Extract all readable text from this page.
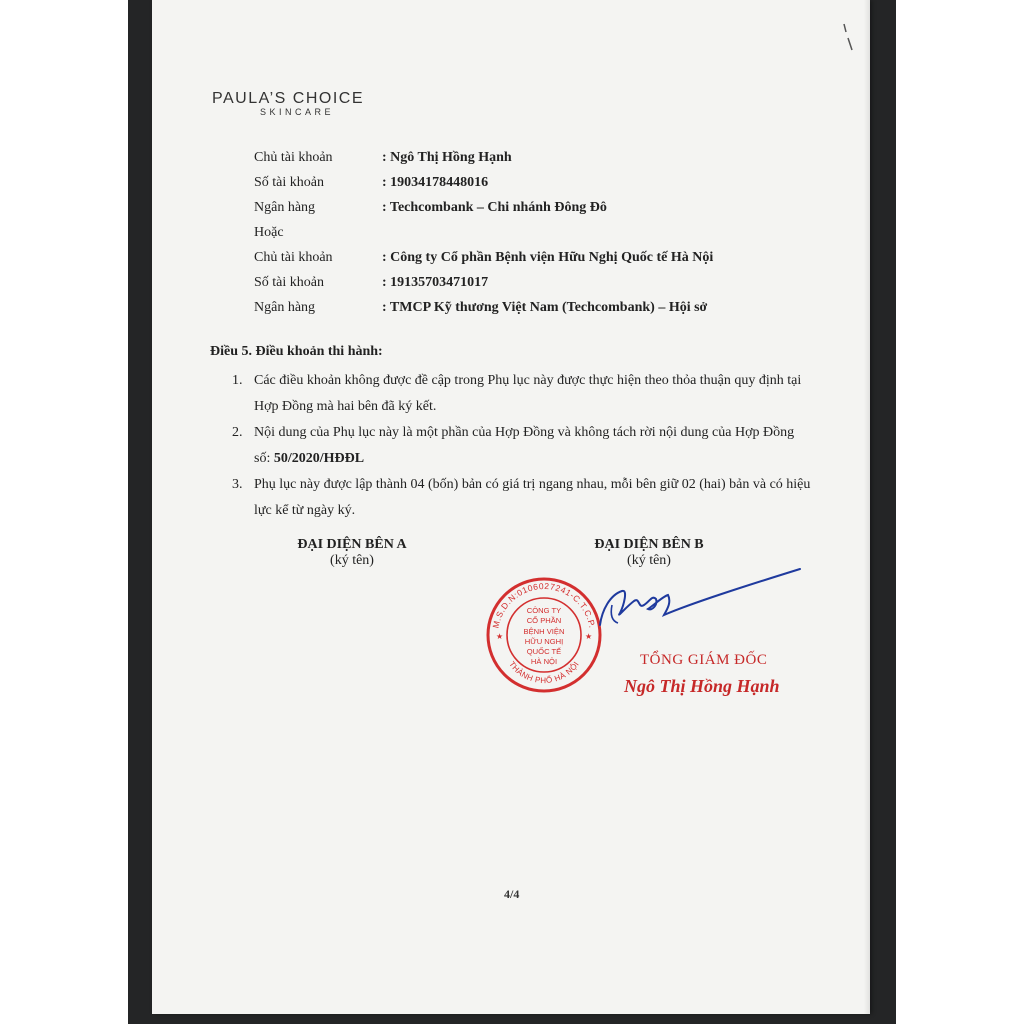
PAULA’S CHOICE
SKINCARE
Chủ tài khoản	: Ngô Thị Hồng Hạnh
Số tài khoản	: 19034178448016
Ngân hàng	: Techcombank – Chi nhánh Đông Đô
Hoặc
Chủ tài khoản	: Công ty Cổ phần Bệnh viện Hữu Nghị Quốc tế Hà Nội
Số tài khoản	: 19135703471017
Ngân hàng	: TMCP Kỹ thương Việt Nam (Techcombank) – Hội sở
Điều 5. Điều khoản thi hành:
1. Các điều khoản không được đề cập trong Phụ lục này được thực hiện theo thỏa thuận quy định tại
Hợp Đồng mà hai bên đã ký kết.
2. Nội dung của Phụ lục này là một phần của Hợp Đồng và không tách rời nội dung của Hợp Đồng
số: 50/2020/HĐĐL
3. Phụ lục này được lập thành 04 (bốn) bản có giá trị ngang nhau, mỗi bên giữ 02 (hai) bản và có hiệu
lực kể từ ngày ký.
ĐẠI DIỆN BÊN A
(ký tên)
ĐẠI DIỆN BÊN B
(ký tên)
M.S.D.N:0106027241-C.T.C.P.
THÀNH PHỐ HÀ NỘI
★	★
CÔNG TY
CỔ PHẦN
BỆNH VIỆN
HỮU NGHỊ
QUỐC TẾ
HÀ NỘI	TỔNG GIÁM ĐỐC
Ngô Thị Hồng Hạnh
4/4
